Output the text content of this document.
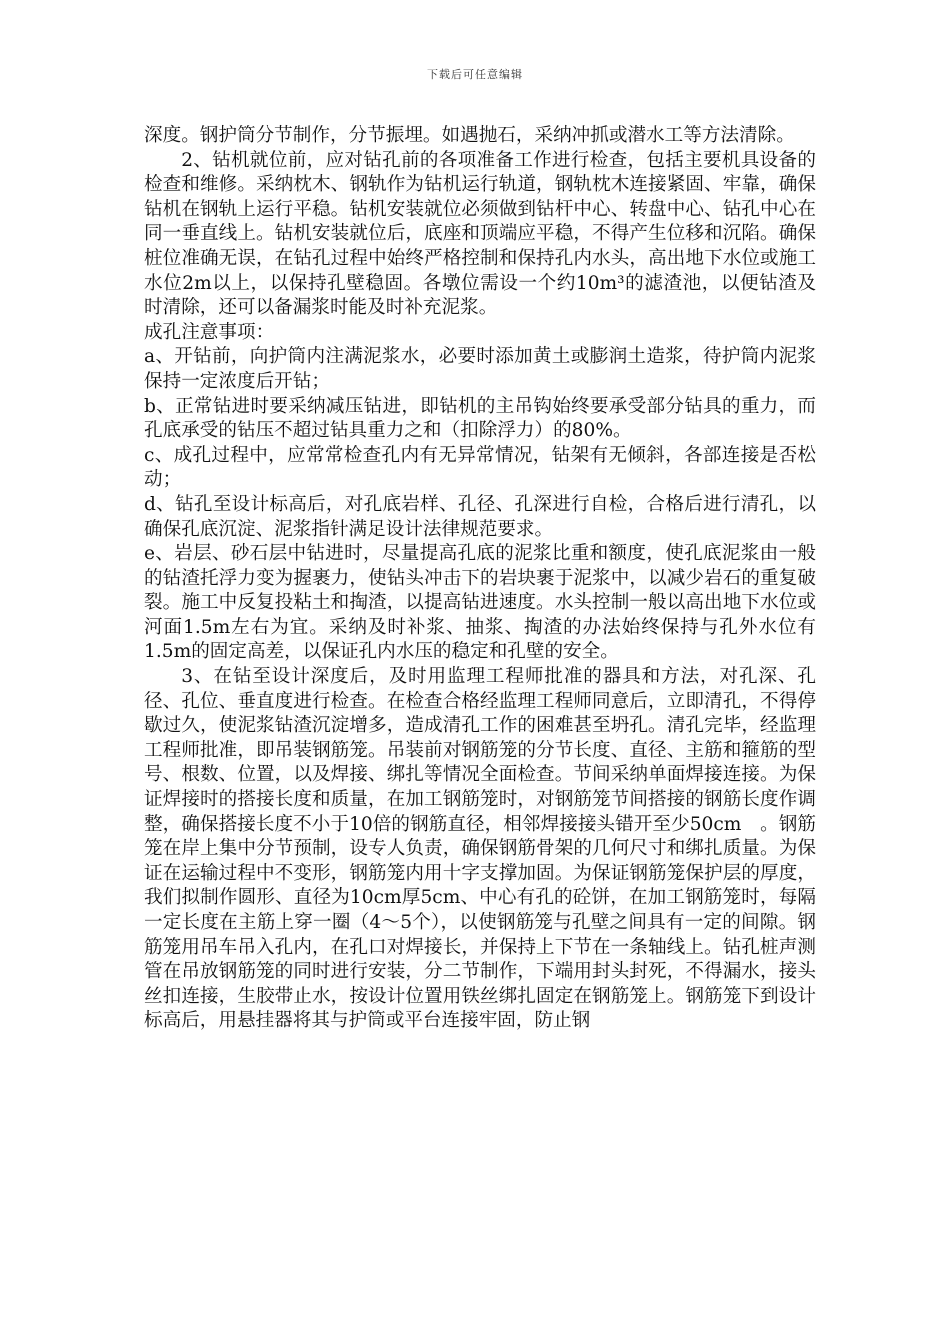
下载后可任意编辑

深度。钢护筒分节制作，分节振埋。如遇抛石，采纳冲抓或潜水工等方法清除。

2、钻机就位前，应对钻孔前的各项准备工作进行检查，包括主要机具设备的检查和维修。采纳枕木、钢轨作为钻机运行轨道，钢轨枕木连接紧固、牢靠，确保钻机在钢轨上运行平稳。钻机安装就位必须做到钻杆中心、转盘中心、钻孔中心在同一垂直线上。钻机安装就位后，底座和顶端应平稳，不得产生位移和沉陷。确保桩位准确无误，在钻孔过程中始终严格控制和保持孔内水头，高出地下水位或施工水位2m以上，以保持孔壁稳固。各墩位需设一个约10m³的滤渣池，以便钻渣及时清除，还可以备漏浆时能及时补充泥浆。

成孔注意事项：

a、开钻前，向护筒内注满泥浆水，必要时添加黄土或膨润土造浆，待护筒内泥浆保持一定浓度后开钻；

b、正常钻进时要采纳减压钻进，即钻机的主吊钩始终要承受部分钻具的重力，而孔底承受的钻压不超过钻具重力之和（扣除浮力）的80%。

c、成孔过程中，应常常检查孔内有无异常情况，钻架有无倾斜，各部连接是否松动；

d、钻孔至设计标高后，对孔底岩样、孔径、孔深进行自检，合格后进行清孔，以确保孔底沉淀、泥浆指针满足设计法律规范要求。

e、岩层、砂石层中钻进时，尽量提高孔底的泥浆比重和额度，使孔底泥浆由一般的钻渣托浮力变为握裹力，使钻头冲击下的岩块裹于泥浆中，以减少岩石的重复破裂。施工中反复投粘土和掏渣，以提高钻进速度。水头控制一般以高出地下水位或河面1.5m左右为宜。采纳及时补浆、抽浆、掏渣的办法始终保持与孔外水位有1.5m的固定高差，以保证孔内水压的稳定和孔壁的安全。

3、在钻至设计深度后，及时用监理工程师批准的器具和方法，对孔深、孔径、孔位、垂直度进行检查。在检查合格经监理工程师同意后，立即清孔，不得停歇过久，使泥浆钻渣沉淀增多，造成清孔工作的困难甚至坍孔。清孔完毕，经监理工程师批准，即吊装钢筋笼。吊装前对钢筋笼的分节长度、直径、主筋和箍筋的型号、根数、位置，以及焊接、绑扎等情况全面检查。节间采纳单面焊接连接。为保证焊接时的搭接长度和质量，在加工钢筋笼时，对钢筋笼节间搭接的钢筋长度作调整，确保搭接长度不小于10倍的钢筋直径，相邻焊接接头错开至少50cm　。钢筋笼在岸上集中分节预制，设专人负责，确保钢筋骨架的几何尺寸和绑扎质量。为保证在运输过程中不变形，钢筋笼内用十字支撑加固。为保证钢筋笼保护层的厚度，我们拟制作圆形、直径为10cm厚5cm、中心有孔的砼饼，在加工钢筋笼时，每隔一定长度在主筋上穿一圈（4～5个），以使钢筋笼与孔壁之间具有一定的间隙。钢筋笼用吊车吊入孔内，在孔口对焊接长，并保持上下节在一条轴线上。钻孔桩声测管在吊放钢筋笼的同时进行安装，分二节制作，下端用封头封死，不得漏水，接头丝扣连接，生胶带止水，按设计位置用铁丝绑扎固定在钢筋笼上。钢筋笼下到设计标高后，用悬挂器将其与护筒或平台连接牢固，防止钢
